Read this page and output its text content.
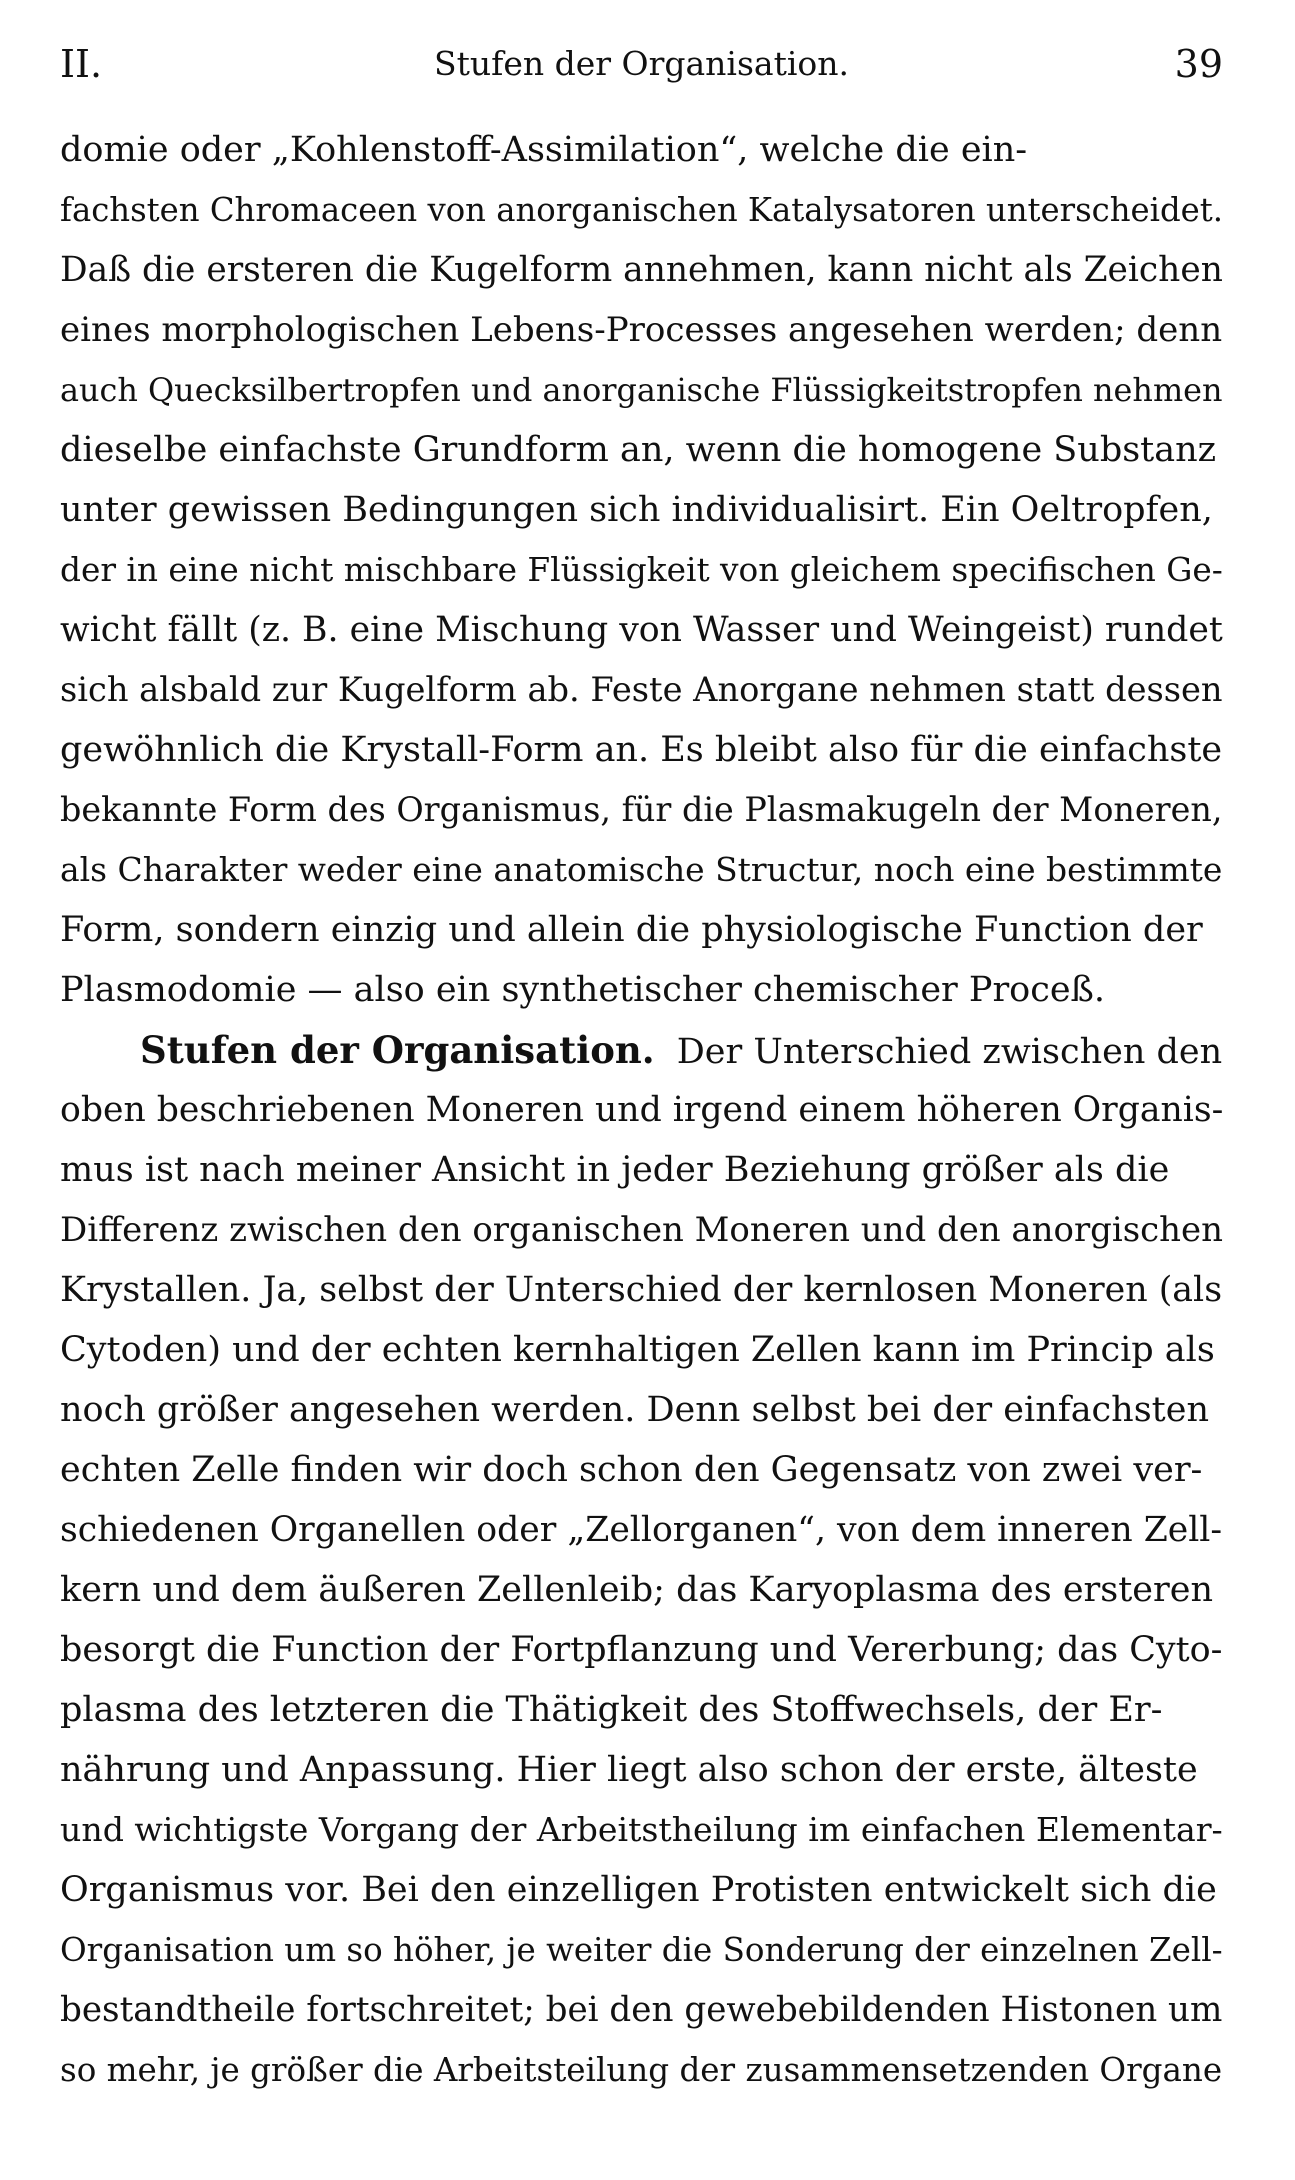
II.	Stufen der Organisation.	39
domie oder „Kohlenstoff-Assimilation“, welche die ein-
fachsten Chromaceen von anorganischen Katalysatoren unterscheidet.
Daß die ersteren die Kugelform annehmen, kann nicht als Zeichen
eines morphologischen Lebens-Processes angesehen werden; denn
auch Quecksilbertropfen und anorganische Flüssigkeitstropfen nehmen
dieselbe einfachste Grundform an, wenn die homogene Substanz
unter gewissen Bedingungen sich individualisirt. Ein Oeltropfen,
der in eine nicht mischbare Flüssigkeit von gleichem specifischen Ge-
wicht fällt (z. B. eine Mischung von Wasser und Weingeist) rundet
sich alsbald zur Kugelform ab. Feste Anorgane nehmen statt dessen
gewöhnlich die Krystall-Form an. Es bleibt also für die einfachste
bekannte Form des Organismus, für die Plasmakugeln der Moneren,
als Charakter weder eine anatomische Structur, noch eine bestimmte
Form, sondern einzig und allein die physiologische Function der
Plasmodomie — also ein synthetischer chemischer Proceß.
Stufen der Organisation. Der Unterschied zwischen den
oben beschriebenen Moneren und irgend einem höheren Organis-
mus ist nach meiner Ansicht in jeder Beziehung größer als die
Differenz zwischen den organischen Moneren und den anorgischen
Krystallen. Ja, selbst der Unterschied der kernlosen Moneren (als
Cytoden) und der echten kernhaltigen Zellen kann im Princip als
noch größer angesehen werden. Denn selbst bei der einfachsten
echten Zelle finden wir doch schon den Gegensatz von zwei ver-
schiedenen Organellen oder „Zellorganen“, von dem inneren Zell-
kern und dem äußeren Zellenleib; das Karyoplasma des ersteren
besorgt die Function der Fortpflanzung und Vererbung; das Cyto-
plasma des letzteren die Thätigkeit des Stoffwechsels, der Er-
nährung und Anpassung. Hier liegt also schon der erste, älteste
und wichtigste Vorgang der Arbeitstheilung im einfachen Elementar-
Organismus vor. Bei den einzelligen Protisten entwickelt sich die
Organisation um so höher, je weiter die Sonderung der einzelnen Zell-
bestandtheile fortschreitet; bei den gewebebildenden Histonen um
so mehr, je größer die Arbeitsteilung der zusammensetzenden Organe
